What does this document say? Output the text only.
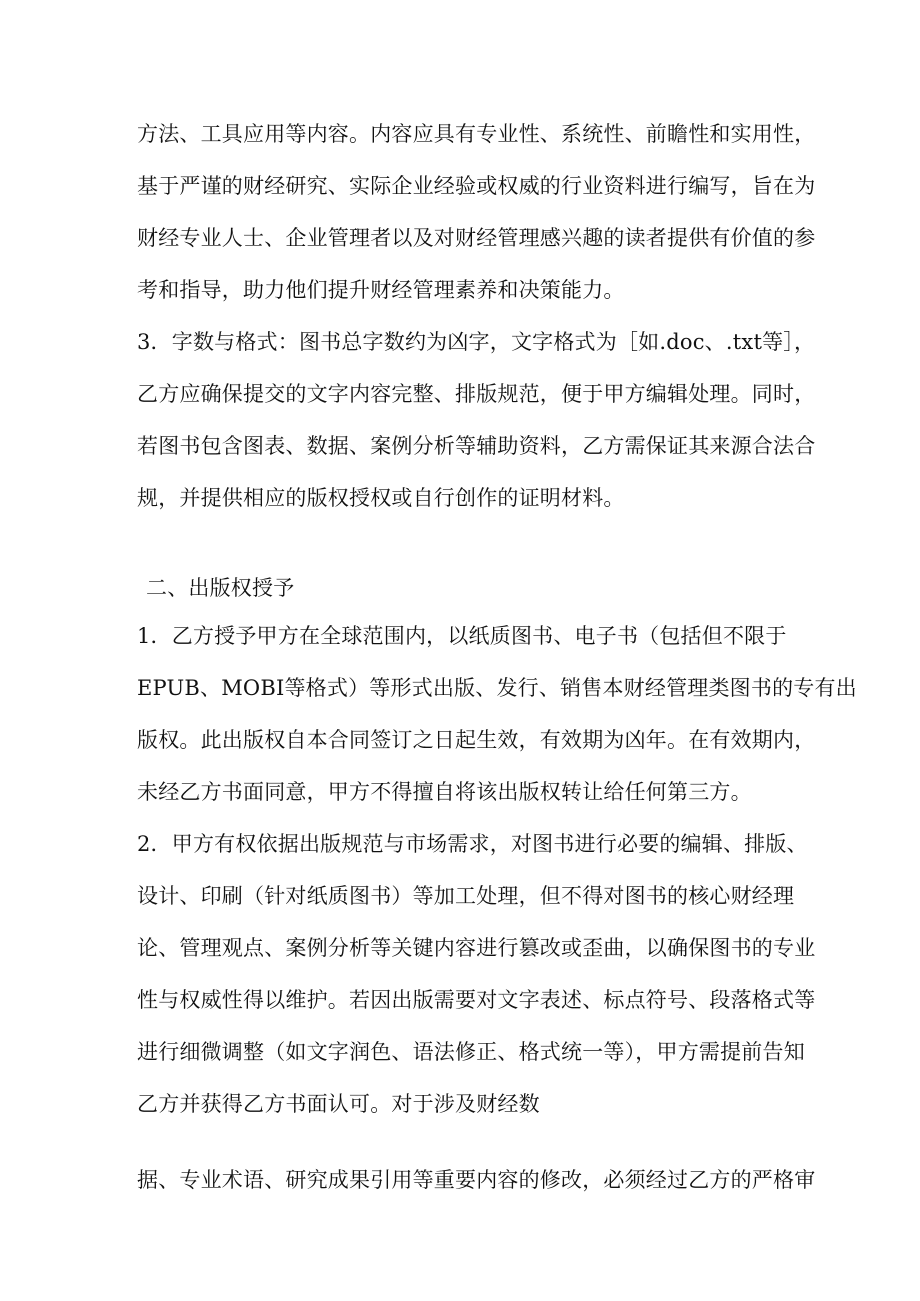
方法、工具应用等内容。内容应具有专业性、系统性、前瞻性和实用性，
基于严谨的财经研究、实际企业经验或权威的行业资料进行编写，旨在为
财经专业人士、企业管理者以及对财经管理感兴趣的读者提供有价值的参
考和指导，助力他们提升财经管理素养和决策能力。
3．字数与格式：图书总字数约为凶字，文字格式为［如.doc、.txt等］，
乙方应确保提交的文字内容完整、排版规范，便于甲方编辑处理。同时，
若图书包含图表、数据、案例分析等辅助资料，乙方需保证其来源合法合
规，并提供相应的版权授权或自行创作的证明材料。
二、出版权授予
1．乙方授予甲方在全球范围内，以纸质图书、电子书（包括但不限于
EPUB、MOBI等格式）等形式出版、发行、销售本财经管理类图书的专有出
版权。此出版权自本合同签订之日起生效，有效期为凶年。在有效期内，
未经乙方书面同意，甲方不得擅自将该出版权转让给任何第三方。
2．甲方有权依据出版规范与市场需求，对图书进行必要的编辑、排版、
设计、印刷（针对纸质图书）等加工处理，但不得对图书的核心财经理
论、管理观点、案例分析等关键内容进行篡改或歪曲，以确保图书的专业
性与权威性得以维护。若因出版需要对文字表述、标点符号、段落格式等
进行细微调整（如文字润色、语法修正、格式统一等），甲方需提前告知
乙方并获得乙方书面认可。对于涉及财经数
据、专业术语、研究成果引用等重要内容的修改，必须经过乙方的严格审
